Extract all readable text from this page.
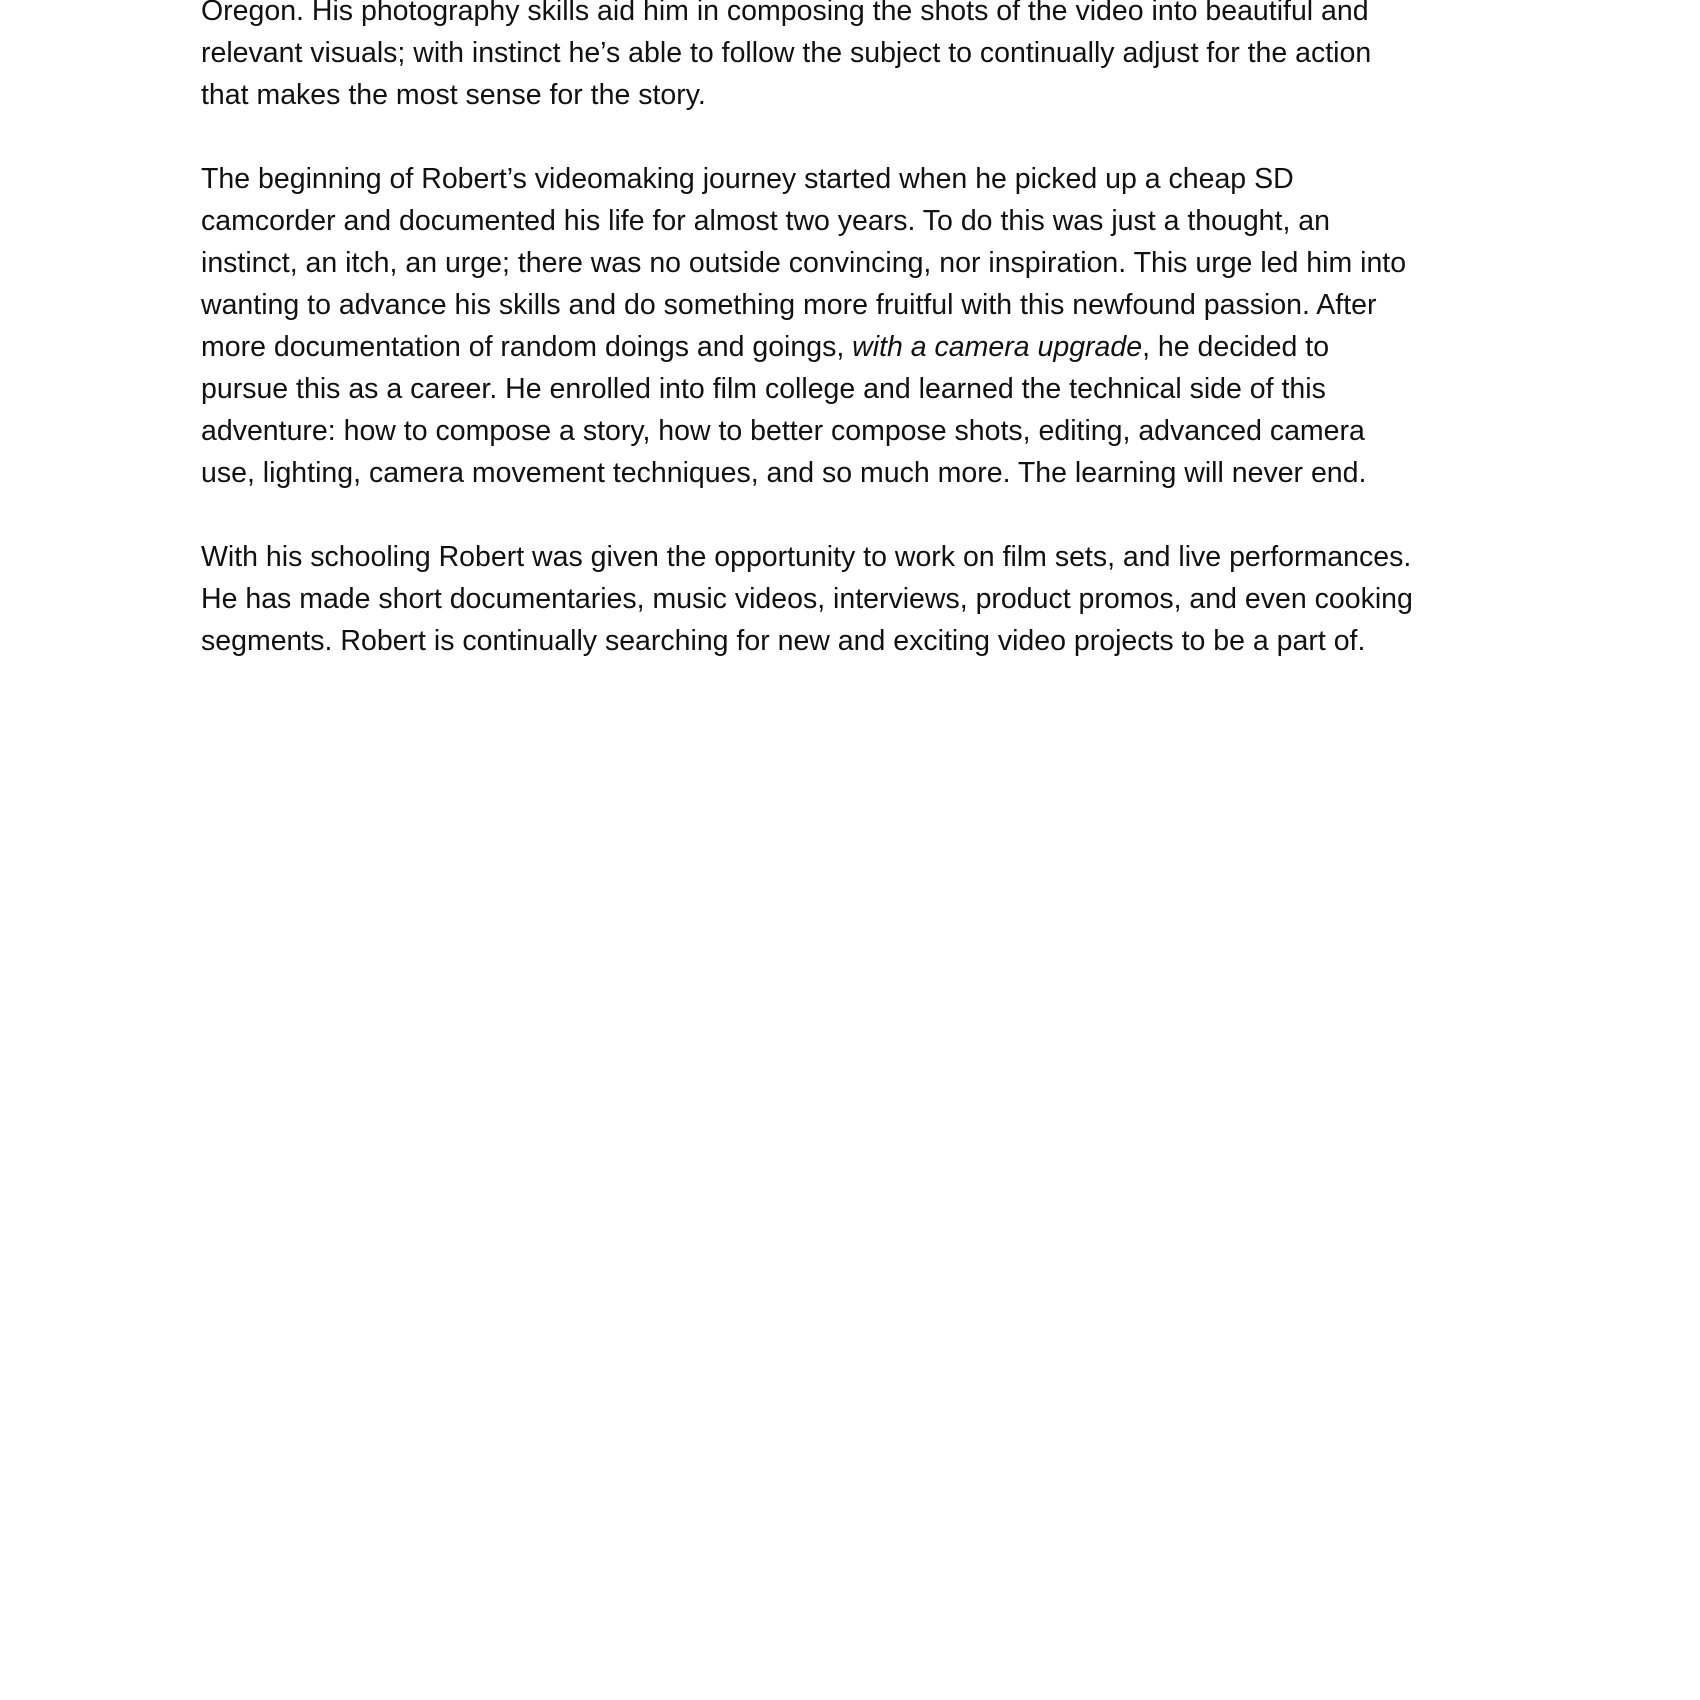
Oregon. His photography skills aid him in composing the shots of the video into beautiful and
relevant visuals; with instinct he’s able to follow the subject to continually adjust for the action
that makes the most sense for the story.
The beginning of Robert’s videomaking journey started when he picked up a cheap SD
camcorder and documented his life for almost two years. To do this was just a thought, an
instinct, an itch, an urge; there was no outside convincing, nor inspiration. This urge led him into
wanting to advance his skills and do something more fruitful with this newfound passion. After
more documentation of random doings and goings, with a camera upgrade, he decided to
pursue this as a career. He enrolled into film college and learned the technical side of this
adventure: how to compose a story, how to better compose shots, editing, advanced camera
use, lighting, camera movement techniques, and so much more. The learning will never end.
With his schooling Robert was given the opportunity to work on film sets, and live performances.
He has made short documentaries, music videos, interviews, product promos, and even cooking
segments. Robert is continually searching for new and exciting video projects to be a part of.
